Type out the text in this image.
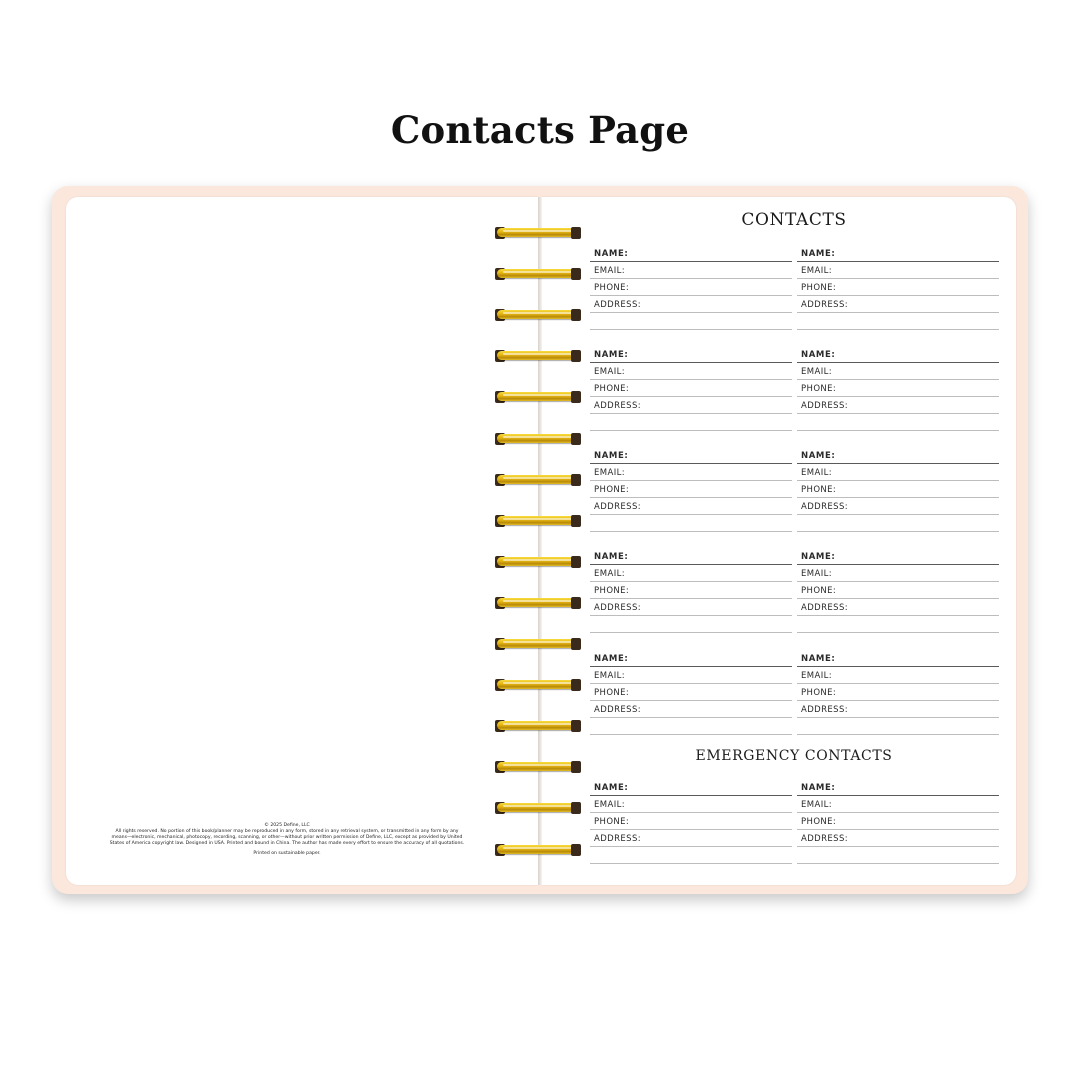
Contacts Page
© 2025 Define, LLC
All rights reserved. No portion of this book/planner may be reproduced in any form, stored in any retrieval system, or transmitted in any form by any
means—electronic, mechanical, photocopy, recording, scanning, or other—without prior written permission of Define, LLC, except as provided by United
States of America copyright law. Designed in USA. Printed and bound in China. The author has made every effort to ensure the accuracy of all quotations.
Printed on sustainable paper.
CONTACTS
EMERGENCY CONTACTS
NAME:
EMAIL:
PHONE:
ADDRESS:
NAME:
EMAIL:
PHONE:
ADDRESS:
NAME:
EMAIL:
PHONE:
ADDRESS:
NAME:
EMAIL:
PHONE:
ADDRESS:
NAME:
EMAIL:
PHONE:
ADDRESS:
NAME:
EMAIL:
PHONE:
ADDRESS:
NAME:
EMAIL:
PHONE:
ADDRESS:
NAME:
EMAIL:
PHONE:
ADDRESS:
NAME:
EMAIL:
PHONE:
ADDRESS:
NAME:
EMAIL:
PHONE:
ADDRESS:
NAME:
EMAIL:
PHONE:
ADDRESS:
NAME:
EMAIL:
PHONE:
ADDRESS:
